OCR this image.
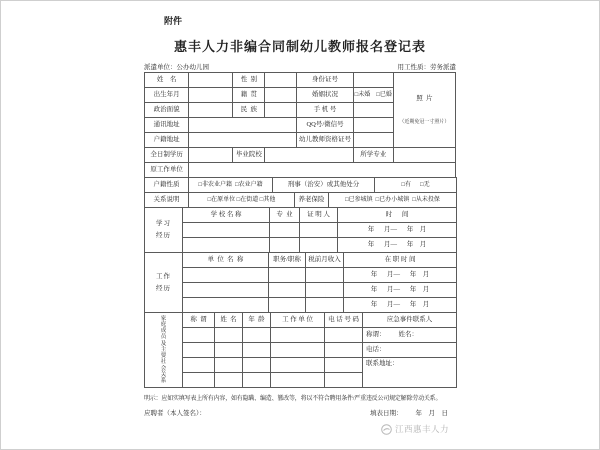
附件
惠丰人力非编合同制幼儿教师报名登记表
派遣单位：公办幼儿园	用工性质：劳务派遣
姓    名		性  别		身份证号		照  片

（近期免冠一寸照片）

出生年月		籍  贯		婚姻状况	□未婚    □已婚	
政治面貌		民  族		手 机 号		
通讯地址				QQ号/微信号		
户籍地址				幼儿教师资格证号		
全日制学历		毕业院校			所学专业	
原工作单位						
户籍性质	□非农业户籍  □农业户籍	刑事（治安）或其他处分	□有      □无
关系说明	□在原单位 □在街道 □其他	养老保险	□已参城镇  □已办小城镇  □从未投保
学习经历	学 校 名 称	专  业	证 明 人	时      间
				年      月—      年    月
				年      月—      年    月
工作经历	单  位  名  称	职务/职称	税前月收入	在 职 时 间
				年      月—      年    月
				年      月—      年    月
				年      月—      年    月
家庭成员及主要社会关系	称  谓	姓  名	年  龄	工 作 单 位	电 话 号 码	应急事件联系人
						称谓：        姓名：
						电话：
						联系地址：

明示：应如实填写表上所有内容，如有隐瞒、编造、篡改等，将以不符合聘用条件/严重违反公司规定解除劳动关系。
应聘者（本人签名）：	填表日期：        年    月    日
江西惠丰人力
